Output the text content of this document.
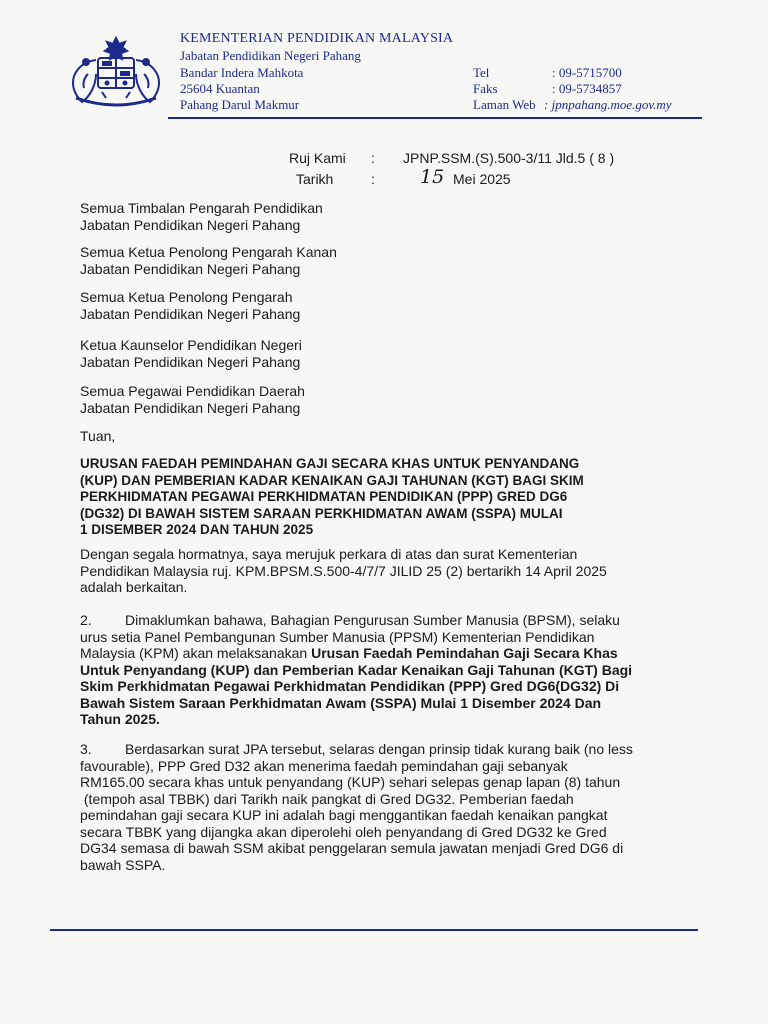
KEMENTERIAN PENDIDIKAN MALAYSIA
Jabatan Pendidikan Negeri Pahang
Bandar Indera Mahkota
25604 Kuantan
Pahang Darul Makmur
Tel	: 09-5715700
Faks	: 09-5734857
Laman Web : jpnpahang.moe.gov.my
Ruj Kami : JPNP.SSM.(S).500-3/11 Jld.5 ( 8 )
Tarikh	: 15 Mei 2025
Semua Timbalan Pengarah Pendidikan
Jabatan Pendidikan Negeri Pahang
Semua Ketua Penolong Pengarah Kanan
Jabatan Pendidikan Negeri Pahang
Semua Ketua Penolong Pengarah
Jabatan Pendidikan Negeri Pahang
Ketua Kaunselor Pendidikan Negeri
Jabatan Pendidikan Negeri Pahang
Semua Pegawai Pendidikan Daerah
Jabatan Pendidikan Negeri Pahang
Tuan,
URUSAN FAEDAH PEMINDAHAN GAJI SECARA KHAS UNTUK PENYANDANG
(KUP) DAN PEMBERIAN KADAR KENAIKAN GAJI TAHUNAN (KGT) BAGI SKIM
PERKHIDMATAN PEGAWAI PERKHIDMATAN PENDIDIKAN (PPP) GRED DG6
(DG32) DI BAWAH SISTEM SARAAN PERKHIDMATAN AWAM (SSPA) MULAI
1 DISEMBER 2024 DAN TAHUN 2025
Dengan segala hormatnya, saya merujuk perkara di atas dan surat Kementerian
Pendidikan Malaysia ruj. KPM.BPSM.S.500-4/7/7 JILID 25 (2) bertarikh 14 April 2025
adalah berkaitan.
2. Dimaklumkan bahawa, Bahagian Pengurusan Sumber Manusia (BPSM), selaku
urus setia Panel Pembangunan Sumber Manusia (PPSM) Kementerian Pendidikan
Malaysia (KPM) akan melaksanakan Urusan Faedah Pemindahan Gaji Secara Khas
Untuk Penyandang (KUP) dan Pemberian Kadar Kenaikan Gaji Tahunan (KGT) Bagi
Skim Perkhidmatan Pegawai Perkhidmatan Pendidikan (PPP) Gred DG6(DG32) Di
Bawah Sistem Saraan Perkhidmatan Awam (SSPA) Mulai 1 Disember 2024 Dan
Tahun 2025.
3. Berdasarkan surat JPA tersebut, selaras dengan prinsip tidak kurang baik (no less
favourable), PPP Gred D32 akan menerima faedah pemindahan gaji sebanyak
RM165.00 secara khas untuk penyandang (KUP) sehari selepas genap lapan (8) tahun
(tempoh asal TBBK) dari Tarikh naik pangkat di Gred DG32. Pemberian faedah
pemindahan gaji secara KUP ini adalah bagi menggantikan faedah kenaikan pangkat
secara TBBK yang dijangka akan diperolehi oleh penyandang di Gred DG32 ke Gred
DG34 semasa di bawah SSM akibat penggelaran semula jawatan menjadi Gred DG6 di
bawah SSPA.
